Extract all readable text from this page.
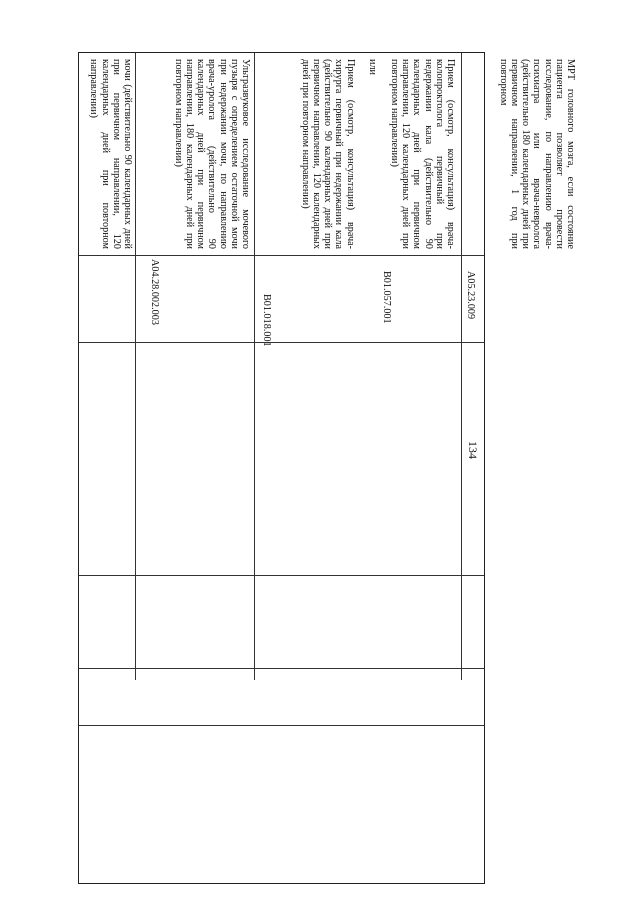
134

мочи (действительно 90 календарных дней при первичном направлении, 120 календарных дней при повторном направлении)

A04.28.002.003

Ультразвуковое исследование мочевого пузыря с определением остаточной мочи при недержании мочи, по направлению врача-уролога (действительно 90 календарных дней при первичном направлении, 180 календарных дней при повторном направлении)

B01.018.001	B01.057.001

Прием (осмотр, консультация) врача-колопроктолога первичный при недержании кала (действительно 90 календарных дней при первичном направлении, 120 календарных дней при повторном направлении)

или

Прием (осмотр, консультация) врача-хирурга первичный при недержании кала (действительно 90 календарных дней при первичном направлении, 120 календарных дней при повторном направлении)

A05.23.009

МРТ головного мозга, если состояние пациента позволяет провести исследование, по направлению врача-психиатра или врача-невролога (действительно 180 календарных дней при первичном направлении, 1 год при повторном
